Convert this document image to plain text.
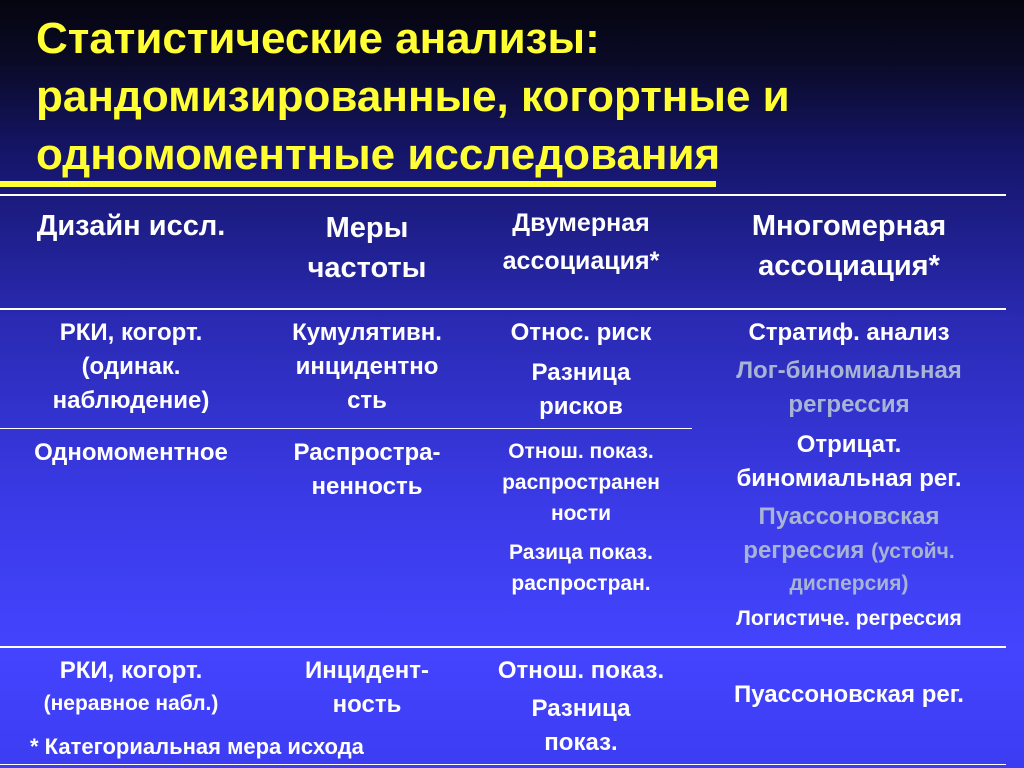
Статистические анализы:
рандомизированные, когортные и
одномоментные исследования
Дизайн иссл.	Меры
частоты
Двумерная
ассоциация*
Многомерная
ассоциация*
РКИ, когорт.
(одинак.
наблюдение)
Кумулятивн.
инцидентно
сть
Относ. риск
Разница
рисков
Одномоментное	Распростра-
ненность
Отнош. показ.
распространен
ности
Разица показ.
распростран.
Стратиф. анализ
Лог-биномиальная
регрессия
Отрицат.
биномиальная рег.
Пуассоновская
регрессия (устойч.
дисперсия)
Логистиче. регрессия
РКИ, когорт.
(неравное набл.)
Инцидент-
ность
Отнош. показ.
Разница
показ.
Пуассоновская рег.
* Категориальная мера исхода
